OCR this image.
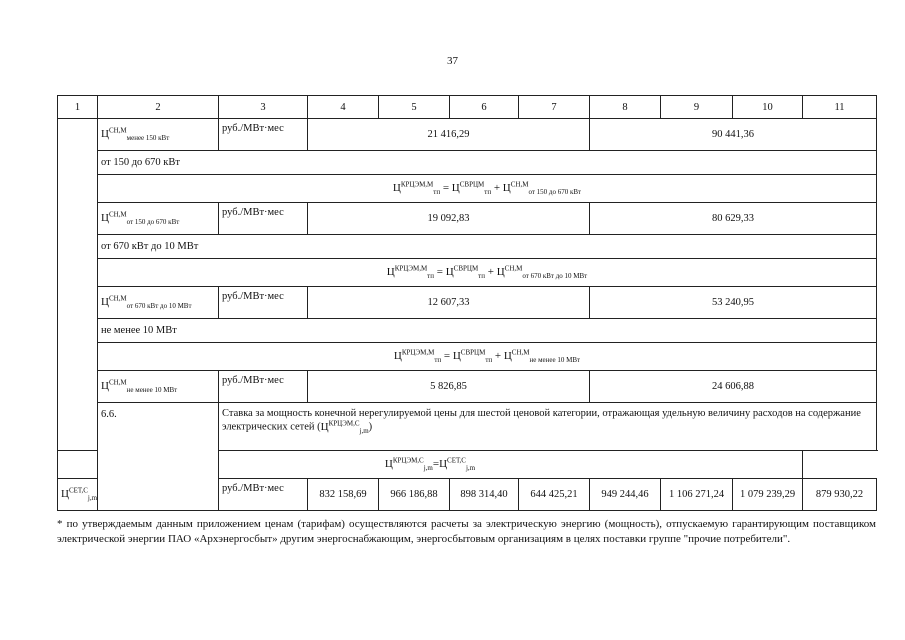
37
1	2	3	4	5	6	7	8	9	10	11
	$Ц^{СН,М}_{менее 150 кВт}$	руб./МВт·мес	21 416,29				90 441,36			
	от 150 до 670 кВт									
	$Ц^{КРЦЭМ,М}_{тп} = Ц^{СВРЦМ}_{тп} + Ц^{СН,М}_{от 150 до 670 кВт}$
	$Ц^{СН,М}_{от 150 до 670 кВт}$	руб./МВт·мес	19 092,83				80 629,33			
	от 670 кВт до 10 МВт									
	$Ц^{КРЦЭМ,М}_{тп} = Ц^{СВРЦМ}_{тп} + Ц^{СН,М}_{от 670 кВт до 10 МВт}$
	$Ц^{СН,М}_{от 670 кВт до 10 МВт}$	руб./МВт·мес	12 607,33				53 240,95			
	не менее 10 МВт									
	$Ц^{КРЦЭМ,М}_{тп} = Ц^{СВРЦМ}_{тп} + Ц^{СН,М}_{не менее 10 МВт}$
	$Ц^{СН,М}_{не менее 10 МВт}$	руб./МВт·мес	5 826,85				24 606,88			
	6.6.	Ставка за мощность конечной нерегулируемой цены для шестой ценовой категории, отражающая удельную величину расходов на содержание электрических сетей $(Ц^{КРЦЭМ,С}_{j,m})$								
$Ц^{КРЦЭМ,С}_{j,m}=Ц^{СЕТ,С}_{j,m}$
$Ц^{СЕТ,С}_{j,m}$		руб./МВт·мес	832 158,69	966 186,88	898 314,40	644 425,21	949 244,46	1 106 271,24	1 079 239,29	879 930,22
* по утверждаемым данным приложением ценам (тарифам) осуществляются расчеты за электрическую энергию (мощность), отпускаемую гарантирующим поставщиком электрической энергии ПАО «Архэнергосбыт» другим энергоснабжающим, энергосбытовым организациям в целях поставки группе "прочие потребители".
